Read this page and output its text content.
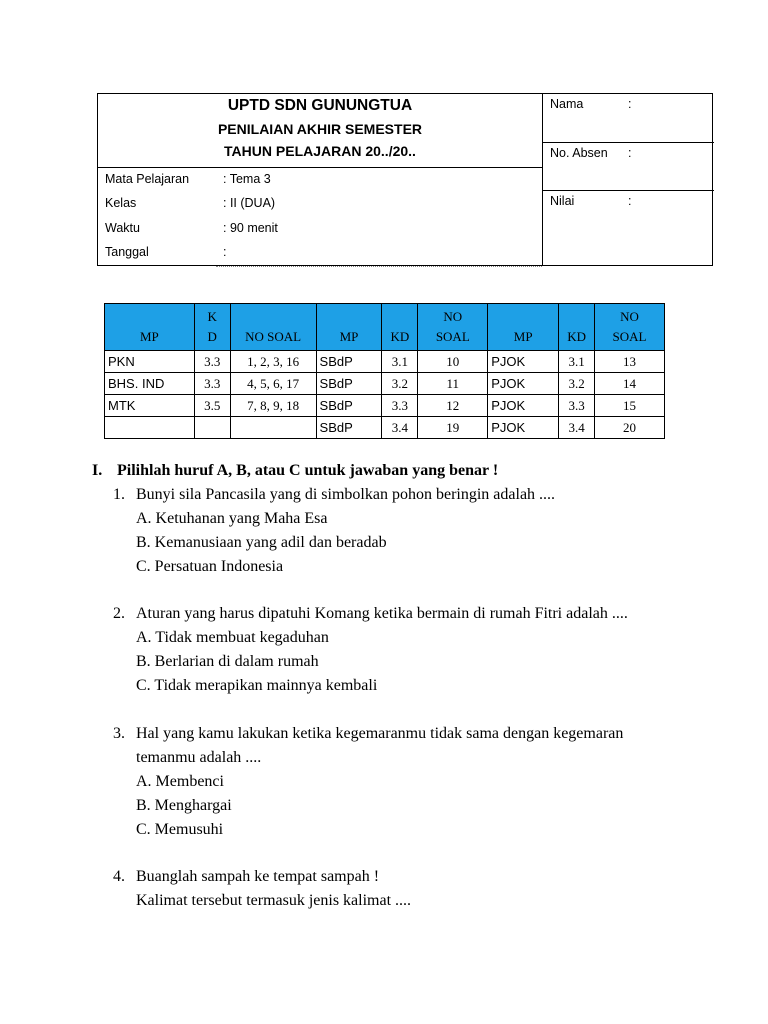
UPTD SDN GUNUNGTUA
PENILAIAN AKHIR SEMESTER
TAHUN PELAJARAN 20../20..
Mata Pelajaran	: Tema 3
Kelas	: II (DUA)
Waktu	: 90 menit
Tanggal	:
Nama	:
No. Absen :
Nilai	:
MP	K D	NO SOAL	MP	KD	NO SOAL	MP	KD	NO SOAL
PKN	3.3	1, 2, 3, 16	SBdP	3.1	10	PJOK	3.1	13
BHS. IND	3.3	4, 5, 6, 17	SBdP	3.2	11	PJOK	3.2	14
MTK	3.5	7, 8, 9, 18	SBdP	3.3	12	PJOK	3.3	15
			SBdP	3.4	19	PJOK	3.4	20
I. Pilihlah huruf A, B, atau C untuk jawaban yang benar !
1. Bunyi sila Pancasila yang di simbolkan pohon beringin adalah ....
A. Ketuhanan yang Maha Esa
B. Kemanusiaan yang adil dan beradab
C. Persatuan Indonesia
2. Aturan yang harus dipatuhi Komang ketika bermain di rumah Fitri adalah ....
A. Tidak membuat kegaduhan
B. Berlarian di dalam rumah
C. Tidak merapikan mainnya kembali
3. Hal yang kamu lakukan ketika kegemaranmu tidak sama dengan kegemaran
temanmu adalah ....
A. Membenci
B. Menghargai
C. Memusuhi
4. Buanglah sampah ke tempat sampah !
Kalimat tersebut termasuk jenis kalimat ....
